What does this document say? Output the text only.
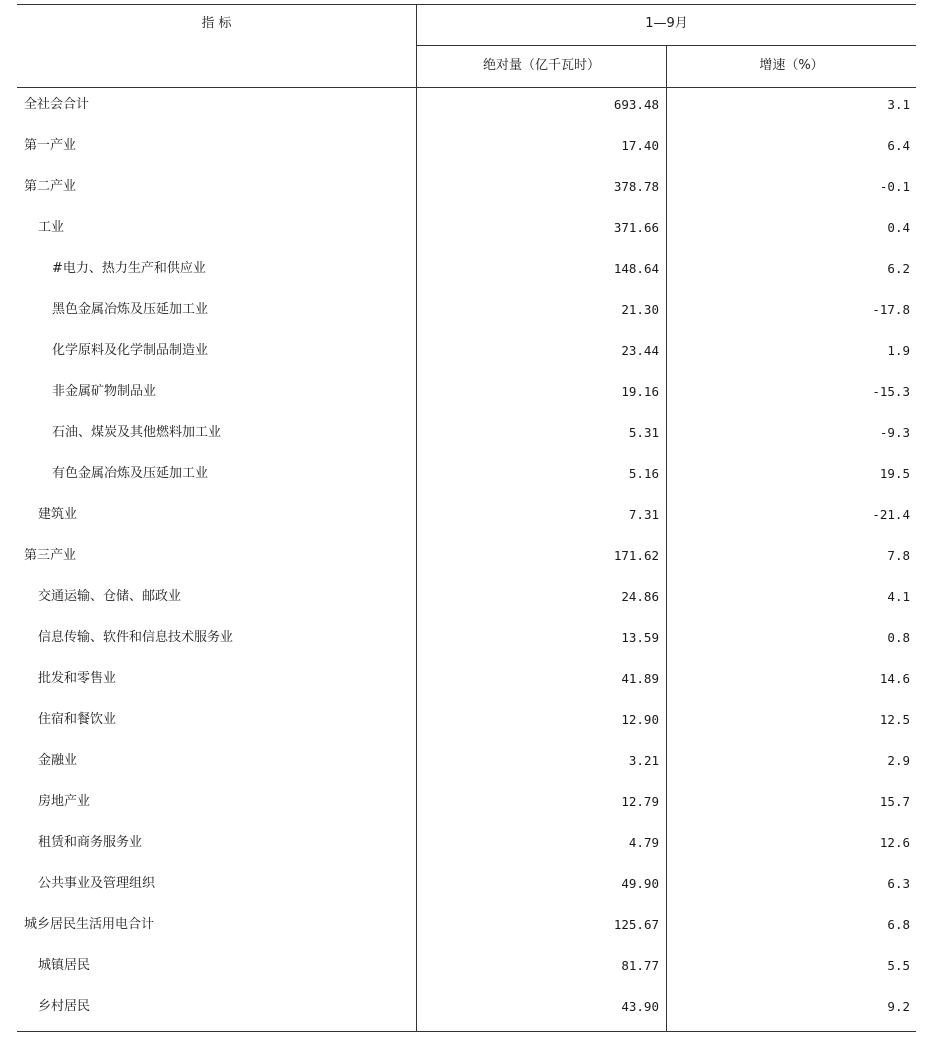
指 标	1—9月
绝对量（亿千瓦时）	增速（%）
全社会合计	693.48	3.1
第一产业	17.40	6.4
第二产业	378.78	-0.1
工业	371.66	0.4
#电力、热力生产和供应业	148.64	6.2
黑色金属冶炼及压延加工业	21.30	-17.8
化学原料及化学制品制造业	23.44	1.9
非金属矿物制品业	19.16	-15.3
石油、煤炭及其他燃料加工业	5.31	-9.3
有色金属冶炼及压延加工业	5.16	19.5
建筑业	7.31	-21.4
第三产业	171.62	7.8
交通运输、仓储、邮政业	24.86	4.1
信息传输、软件和信息技术服务业	13.59	0.8
批发和零售业	41.89	14.6
住宿和餐饮业	12.90	12.5
金融业	3.21	2.9
房地产业	12.79	15.7
租赁和商务服务业	4.79	12.6
公共事业及管理组织	49.90	6.3
城乡居民生活用电合计	125.67	6.8
城镇居民	81.77	5.5
乡村居民	43.90	9.2
